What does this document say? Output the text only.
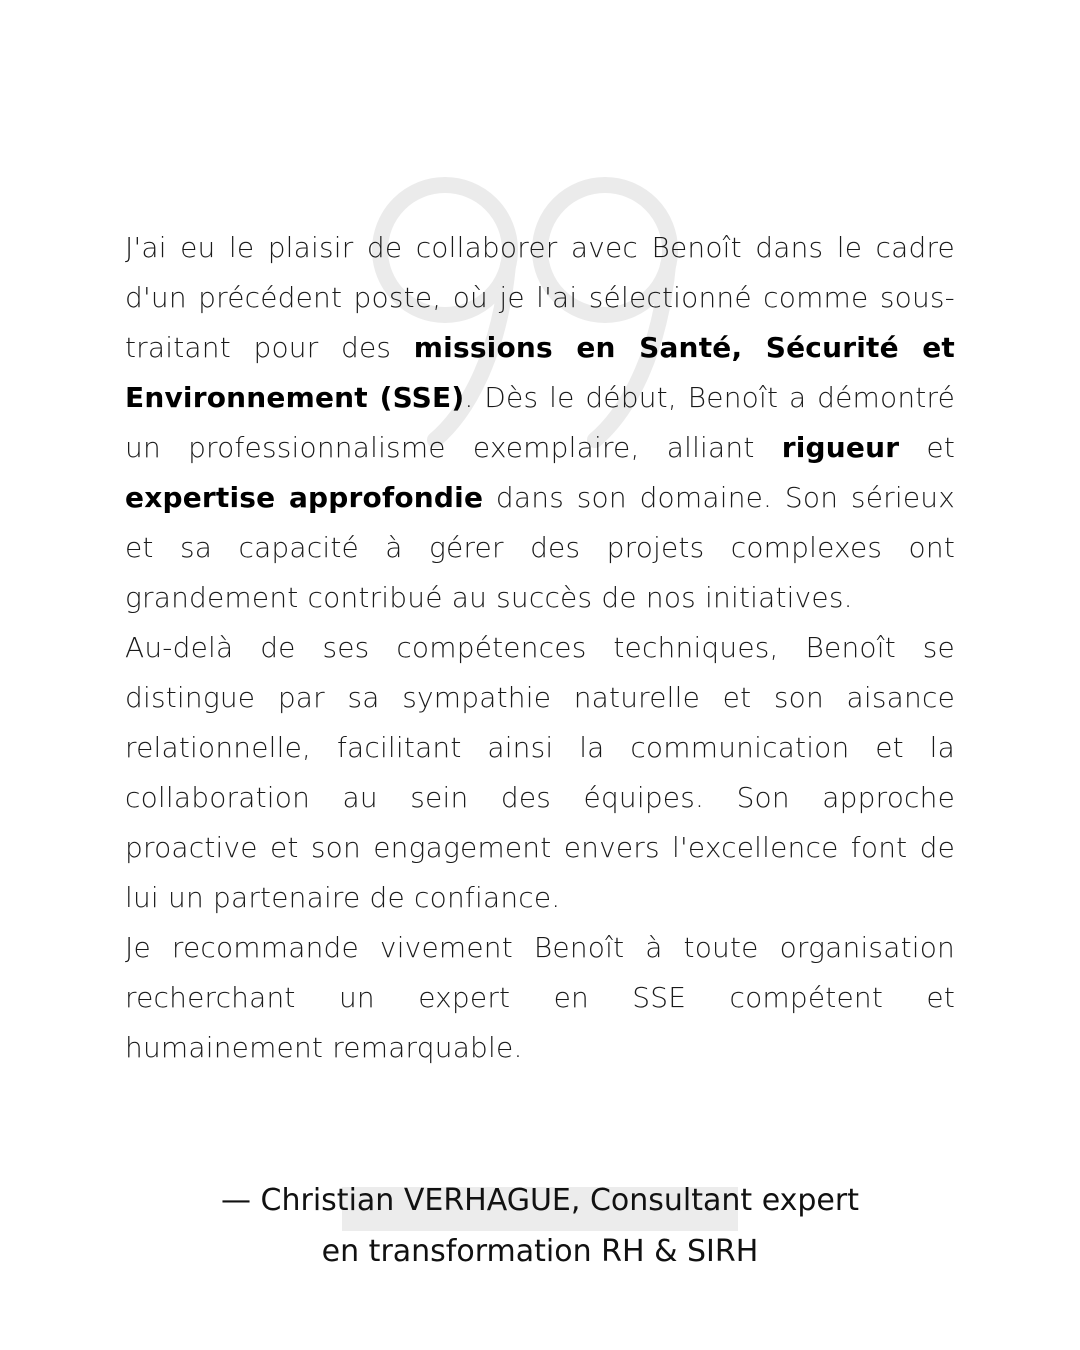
J'ai eu le plaisir de collaborer avec Benoît dans le cadre d'un précédent poste, où je l'ai sélectionné comme sous-traitant pour des missions en Santé, Sécurité et Environnement (SSE). Dès le début, Benoît a démontré un professionnalisme exemplaire, alliant rigueur et expertise approfondie dans son domaine. Son sérieux et sa capacité à gérer des projets complexes ont grandement contribué au succès de nos initiatives.

Au-delà de ses compétences techniques, Benoît se distingue par sa sympathie naturelle et son aisance relationnelle, facilitant ainsi la communication et la collaboration au sein des équipes. Son approche proactive et son engagement envers l'excellence font de lui un partenaire de confiance.

Je recommande vivement Benoît à toute organisation recherchant un expert en SSE compétent et humainement remarquable.

— Christian VERHAGUE, Consultant expert
en transformation RH & SIRH
